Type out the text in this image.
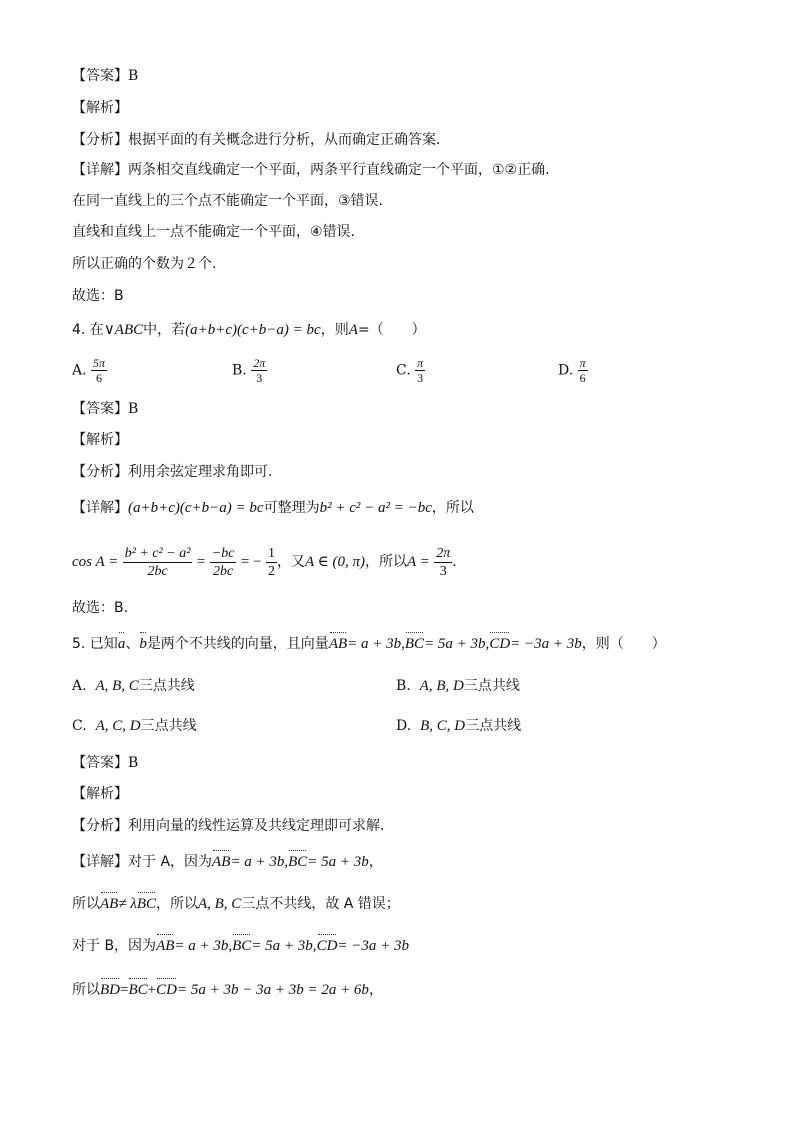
【答案】B
【解析】
【分析】根据平面的有关概念进行分析，从而确定正确答案.
【详解】两条相交直线确定一个平面，两条平行直线确定一个平面，①②正确.
在同一直线上的三个点不能确定一个平面，③错误.
直线和直线上一点不能确定一个平面，④错误.
所以正确的个数为２个.
故选：B
4. 在∨ABC中，若(a+b+c)(c+b−a) = bc，则A=（　　）
A. $\frac{5\pi}{6}$	B. $\frac{2\pi}{3}$	C. $\frac{\pi}{3}$	D. $\frac{\pi}{6}$
【答案】B
【解析】
【分析】利用余弦定理求角即可.
【详解】(a+b+c)(c+b−a) = bc可整理为b² + c² − a² = −bc，所以
$\cos A = \frac{\text{b² + c² − a²}}{2bc} = \frac{-bc}{2bc}$ = − $\frac{1}{2}$ ，又A ∈ (0, π)，所以$A = \frac{2\pi}{3}$ .
故选：B.
5. 已知a、b是两个不共线的向量，且向量AB= a + 3b,BC= 5a + 3b,CD= −3a + 3b，则（　　）
A. A, B, C三点共线	B. A, B, D三点共线
C. A, C, D三点共线	D. B, C, D三点共线
【答案】B
【解析】
【分析】利用向量的线性运算及共线定理即可求解.
【详解】对于 A，因为AB= a + 3b,BC= 5a + 3b，
所以AB≠ λBC，所以A, B, C三点不共线，故 A 错误；
对于 B，因为AB= a + 3b,BC= 5a + 3b,CD= −3a + 3b
所以BD=BC+CD= 5a + 3b − 3a + 3b = 2a + 6b，
